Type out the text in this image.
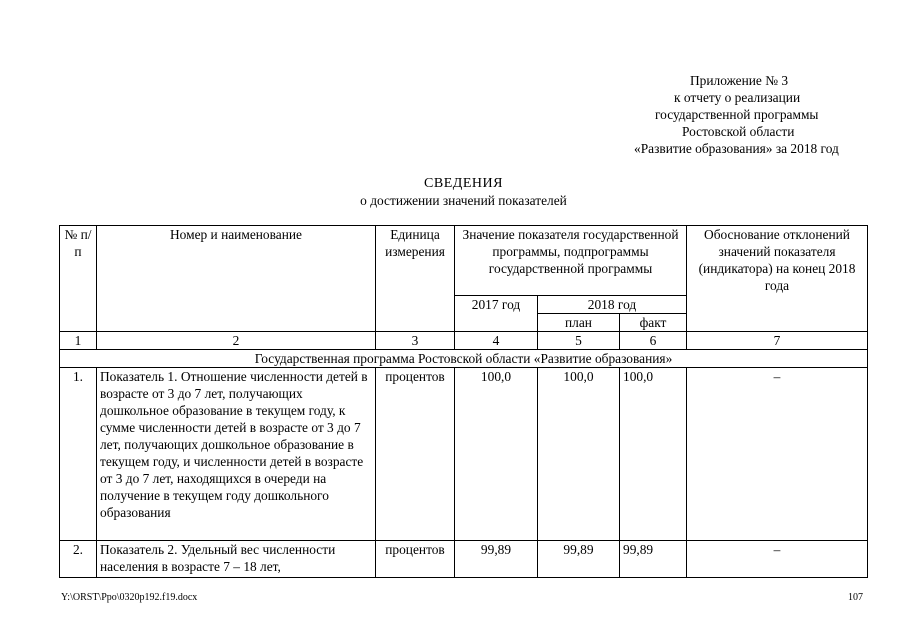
Приложение № 3
к отчету о реализации
государственной программы
Ростовской области
«Развитие образования» за 2018 год
СВЕДЕНИЯ
о достижении значений показателей
№ п/п	Номер и наименование	Единица измерения	Значение показателя государственной программы, подпрограммы государственной программы			Обоснование отклонений значений показателя (индикатора) на конец 2018 года
			2017 год	2018 год		
				план	факт	
1	2	3	4	5	6	7
Государственная программа Ростовской области «Развитие образования»						
1.	Показатель 1. Отношение численности детей в возрасте от 3 до 7 лет, получающих дошкольное образование в текущем году, к сумме численности детей в возрасте от 3 до 7 лет, получающих дошкольное образование в текущем году, и численности детей в возрасте от 3 до 7 лет, находящихся в очереди на получение в текущем году дошкольного образования	процентов	100,0	100,0	100,0	–
2.	Показатель 2. Удельный вес численности населения в возрасте 7 – 18 лет,	процентов	99,89	99,89	99,89	–
Y:\ORST\Ppo\0320p192.f19.docx	107
